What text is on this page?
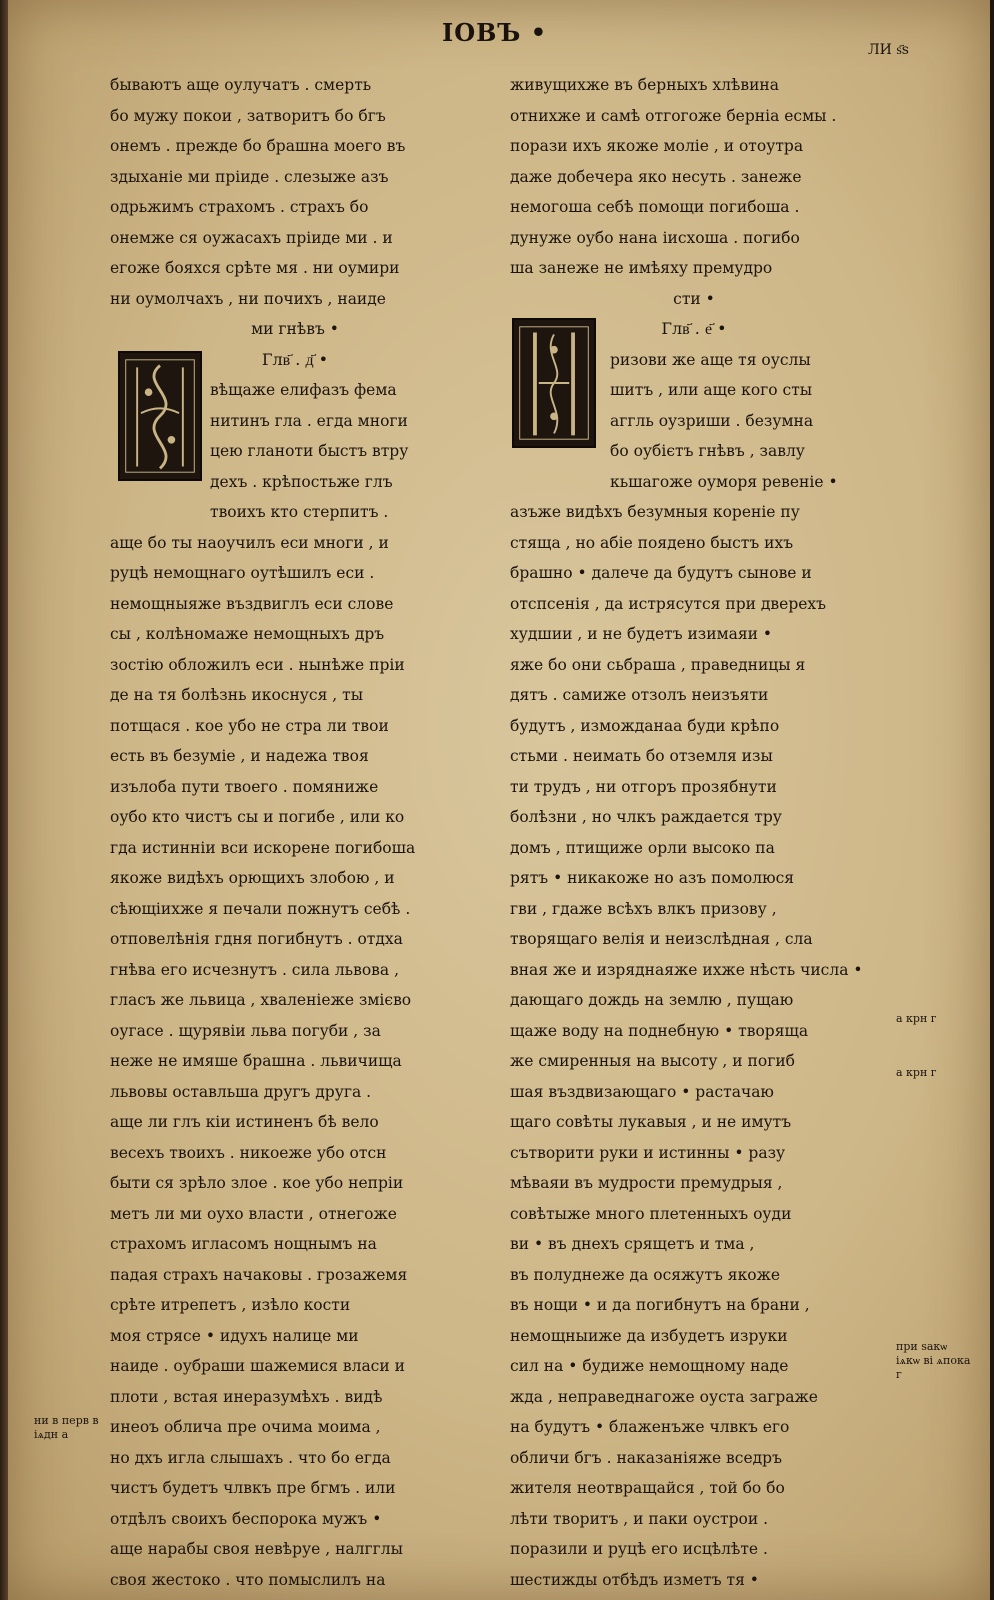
ІОВЪ •
ЛИ ѕ҃ѕ
бываютъ аще оулучатъ . смерть
бо мужу покои , затворитъ бо бгъ
онемъ . прежде бо брашна моего въ
здыханіе ми пріиде . слезыже азъ
одрьжимъ страхомъ . страхъ бо
онемже ся оужасахъ пріиде ми . и
егоже бояхся срѣте мя . ни оумири
ни оумолчахъ , ни почихъ , наиде
ми гнѣвъ •
Глв҃ . д҃ •
вѣщаже елифазъ фема
нитинъ гла . егда многи
цею гланоти быстъ втру
дехъ . крѣпостьже глъ
твоихъ кто стерпитъ .
аще бо ты наоучилъ еси многи , и
руцѣ немощнаго оутѣшилъ еси .
немощныяже въздвиглъ еси слове
сы , колѣномаже немощныхъ дръ
зостію обложилъ еси . нынѣже пріи
де на тя болѣзнь икоснуся , ты
потщася . кое убо не стра ли твои
есть въ безуміе , и надежа твоя
изълоба пути твоего . помяниже
оубо кто чистъ сы и погибе , или ко
гда истинніи вси искорене погибоша
якоже видѣхъ орющихъ злобою , и
сѣющіихже я печали пожнутъ себѣ .
отповелѣнія гдня погибнутъ . отдха
гнѣва его исчезнутъ . сила львова ,
гласъ же львица , хваленіеже змієво
оугасе . щурявіи льва погуби , за
неже не имяше брашна . львичища
львовы оставльша другъ друга .
аще ли глъ кіи истиненъ бѣ вело
весехъ твоихъ . никоеже убо отсн
быти ся зрѣло злое . кое убо непріи
метъ ли ми оухо власти , отнегоже
страхомъ игласомъ нощнымъ на
падая страхъ начаковы . грозажемя
срѣте итрепетъ , изѣло кости
моя стрясе • идухъ налице ми
наиде . оубраши шажемися власи и
плоти , встая инеразумѣхъ . видѣ
инеоъ облича пре очима моима ,
но дхъ игла слышахъ . что бо егда
чистъ будетъ члвкъ пре бгмъ . или
отдѣлъ своихъ беспорока мужъ •
аще нарабы своя невѣруе , налгглы
своя жестоко . что помыслилъ на
живущихже въ берныхъ хлѣвина
отнихже и самѣ отгогоже берніа есмы .
порази ихъ якоже моліе , и отоутра
даже добечера яко несуть . занеже
немогоша себѣ помощи погибоша .
дунуже оубо нана іисхоша . погибо
ша занеже не имѣяху премудро
сти •
Глв҃ . е҃ •
ризови же аще тя оуслы
шитъ , или аще кого сты
аггль оузриши . безумна
бо оубієтъ гнѣвъ , завлу
кьшагоже оуморя ревеніе •
азъже видѣхъ безумныя кореніе пу
стяща , но абіе пояденo быстъ ихъ
брашно • далече да будутъ сынове и
отспсенія , да истрясутся при дверехъ
худшии , и не будетъ изимаяи •
яже бо они сьбраша , праведницы я
дятъ . самиже отзолъ неизъяти
будутъ , изможданаа буди крѣпо
стьми . неимать бо отземля изы
ти трудъ , ни отгоръ прозябнути
болѣзни , но члкъ раждается тру
домъ , птищиже орли высоко па
рятъ • никакоже но азъ помолюся
гви , гдаже всѣхъ влкъ призову ,
творящаго велія и неизслѣдная , сла
вная же и изряднаяже ихже нѣсть числа •
дающаго дождь на землю , пущаю
щаже воду на поднебную • творяща
же смиренныя на высоту , и погиб
шая въздвизающаго • растачаю
щаго совѣты лукавыя , и не имутъ
сътворити руки и истинны • разу
мѣваяи въ мудрости премудрыя ,
совѣтыже много плетенныхъ оуди
ви • въ днехъ срящетъ и тма ,
въ полуднеже да осяжутъ якоже
въ нощи • и да погибнутъ на брани ,
немощныиже да избудетъ изруки
сил на • будиже немощному наде
жда , неправеднагоже оуста заграже
на будутъ • блаженъже члвкъ его
обличи бгъ . наказаніяже вседръ
жителя неотвращайся , той бо бо
лѣти творитъ , и паки оустрои .
поразили и руцѣ его исцѣлѣте .
шестижды отбѣдъ изметъ тя •
а крн г
а крн г
при ѕакѡ іѧкѡ ві ѧпока г
ни в перв в іѧдн а
